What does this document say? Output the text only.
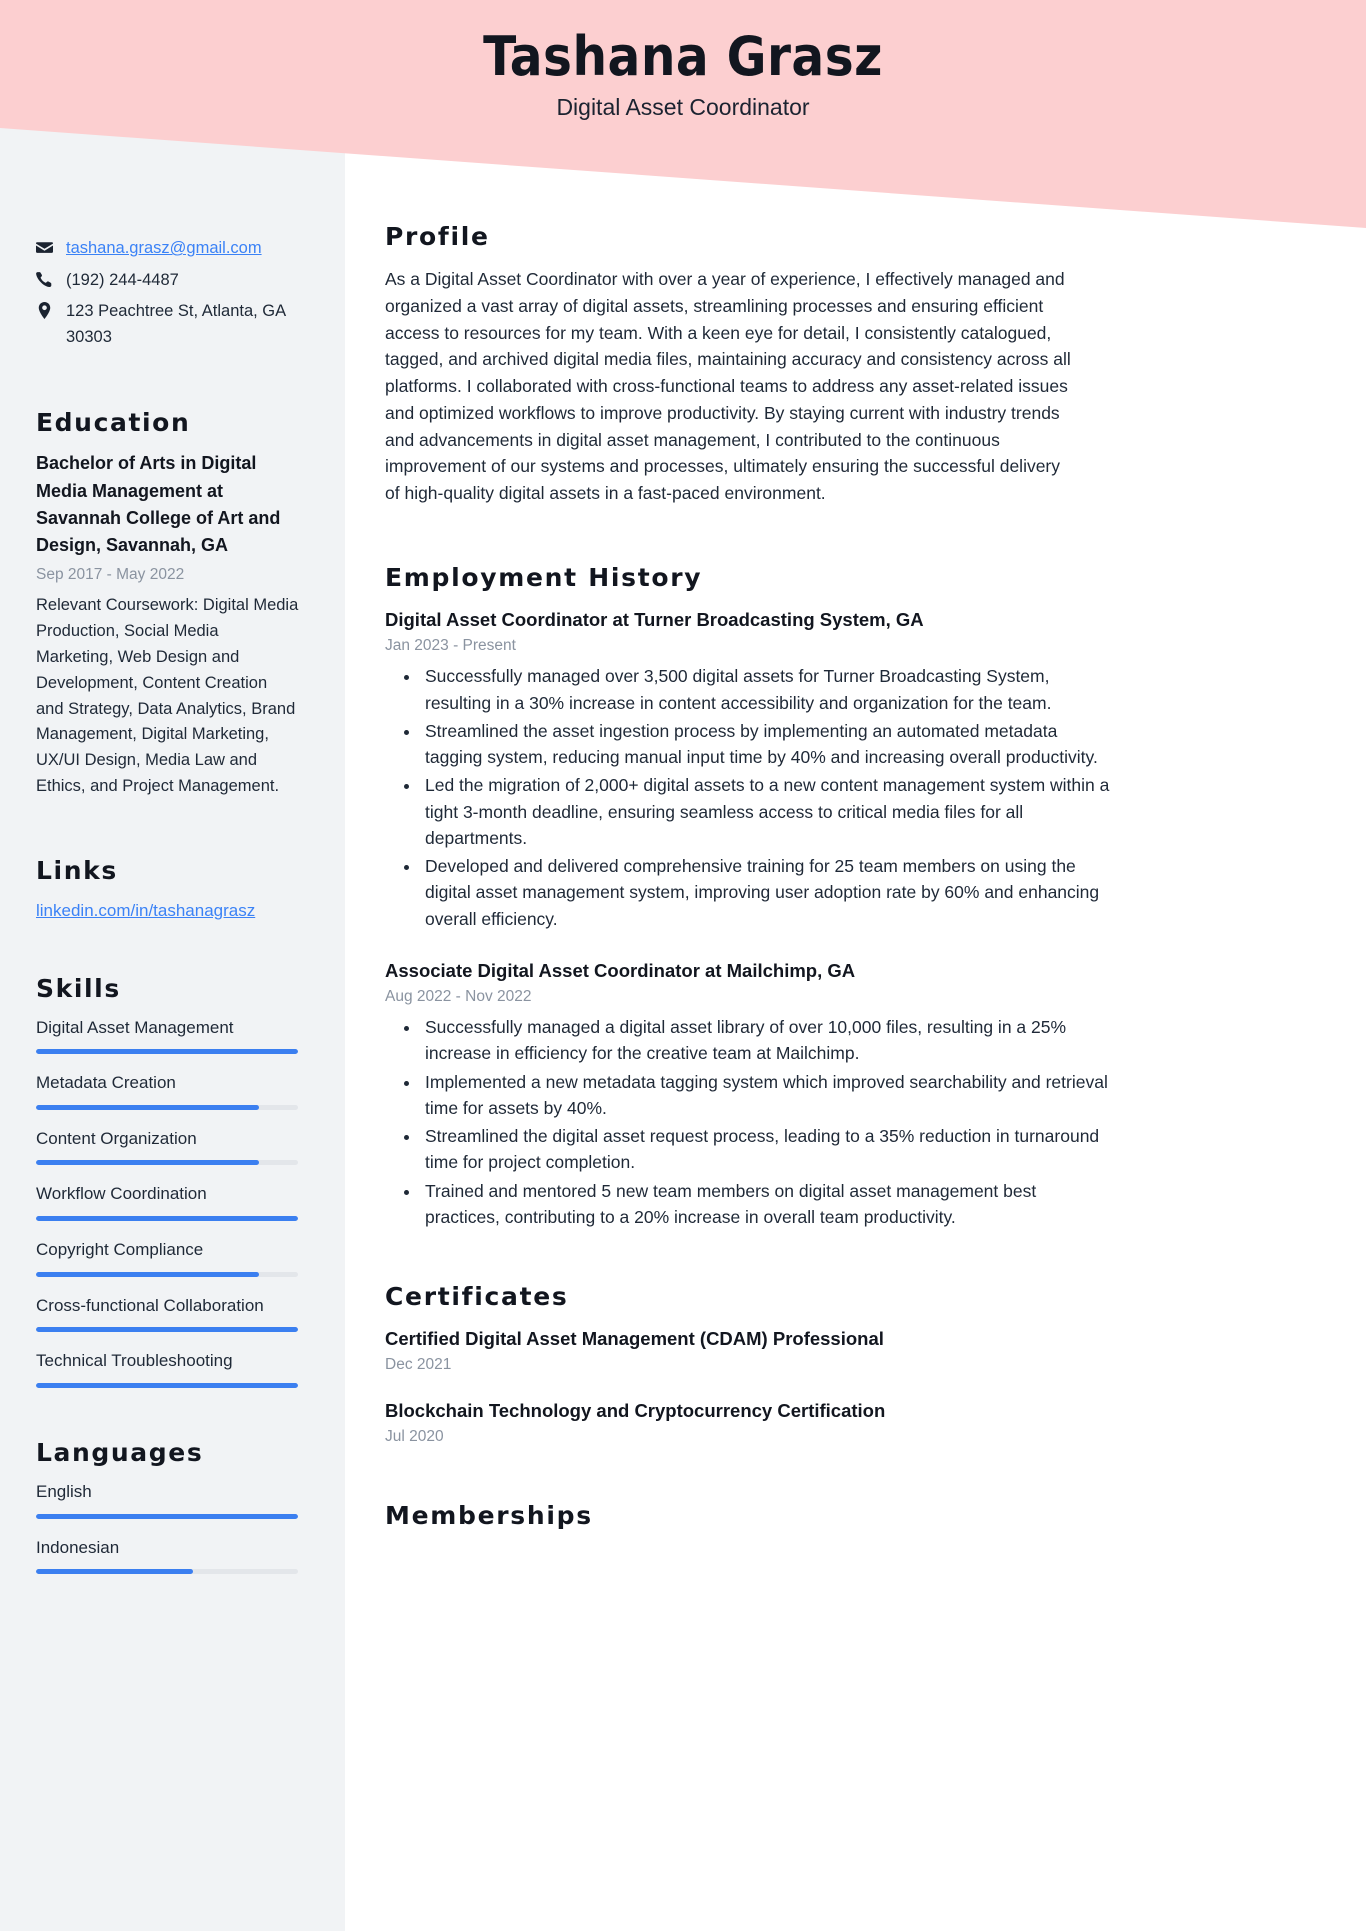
Tashana Grasz
Digital Asset Coordinator
tashana.grasz@gmail.com
(192) 244-4487
123 Peachtree St, Atlanta, GA 30303
Education
Bachelor of Arts in Digital Media Management at Savannah College of Art and Design, Savannah, GA
Sep 2017 - May 2022
Relevant Coursework: Digital Media Production, Social Media Marketing, Web Design and Development, Content Creation and Strategy, Data Analytics, Brand Management, Digital Marketing, UX/UI Design, Media Law and Ethics, and Project Management.
Links
linkedin.com/in/tashanagrasz
Skills
Digital Asset Management
Metadata Creation
Content Organization
Workflow Coordination
Copyright Compliance
Cross-functional Collaboration
Technical Troubleshooting
Languages
English
Indonesian
Profile

As a Digital Asset Coordinator with over a year of experience, I effectively managed and organized a vast array of digital assets, streamlining processes and ensuring efficient access to resources for my team. With a keen eye for detail, I consistently catalogued, tagged, and archived digital media files, maintaining accuracy and consistency across all platforms. I collaborated with cross-functional teams to address any asset-related issues and optimized workflows to improve productivity. By staying current with industry trends and advancements in digital asset management, I contributed to the continuous improvement of our systems and processes, ultimately ensuring the successful delivery of high-quality digital assets in a fast-paced environment.

Employment History
Digital Asset Coordinator at Turner Broadcasting System, GA
Jan 2023 - Present
• Successfully managed over 3,500 digital assets for Turner Broadcasting System, resulting in a 30% increase in content accessibility and organization for the team.
• Streamlined the asset ingestion process by implementing an automated metadata tagging system, reducing manual input time by 40% and increasing overall productivity.
• Led the migration of 2,000+ digital assets to a new content management system within a tight 3-month deadline, ensuring seamless access to critical media files for all departments.
• Developed and delivered comprehensive training for 25 team members on using the digital asset management system, improving user adoption rate by 60% and enhancing overall efficiency.
Associate Digital Asset Coordinator at Mailchimp, GA
Aug 2022 - Nov 2022
• Successfully managed a digital asset library of over 10,000 files, resulting in a 25% increase in efficiency for the creative team at Mailchimp.
• Implemented a new metadata tagging system which improved searchability and retrieval time for assets by 40%.
• Streamlined the digital asset request process, leading to a 35% reduction in turnaround time for project completion.
• Trained and mentored 5 new team members on digital asset management best practices, contributing to a 20% increase in overall team productivity.
Certificates
Certified Digital Asset Management (CDAM) Professional
Dec 2021
Blockchain Technology and Cryptocurrency Certification
Jul 2020
Memberships
